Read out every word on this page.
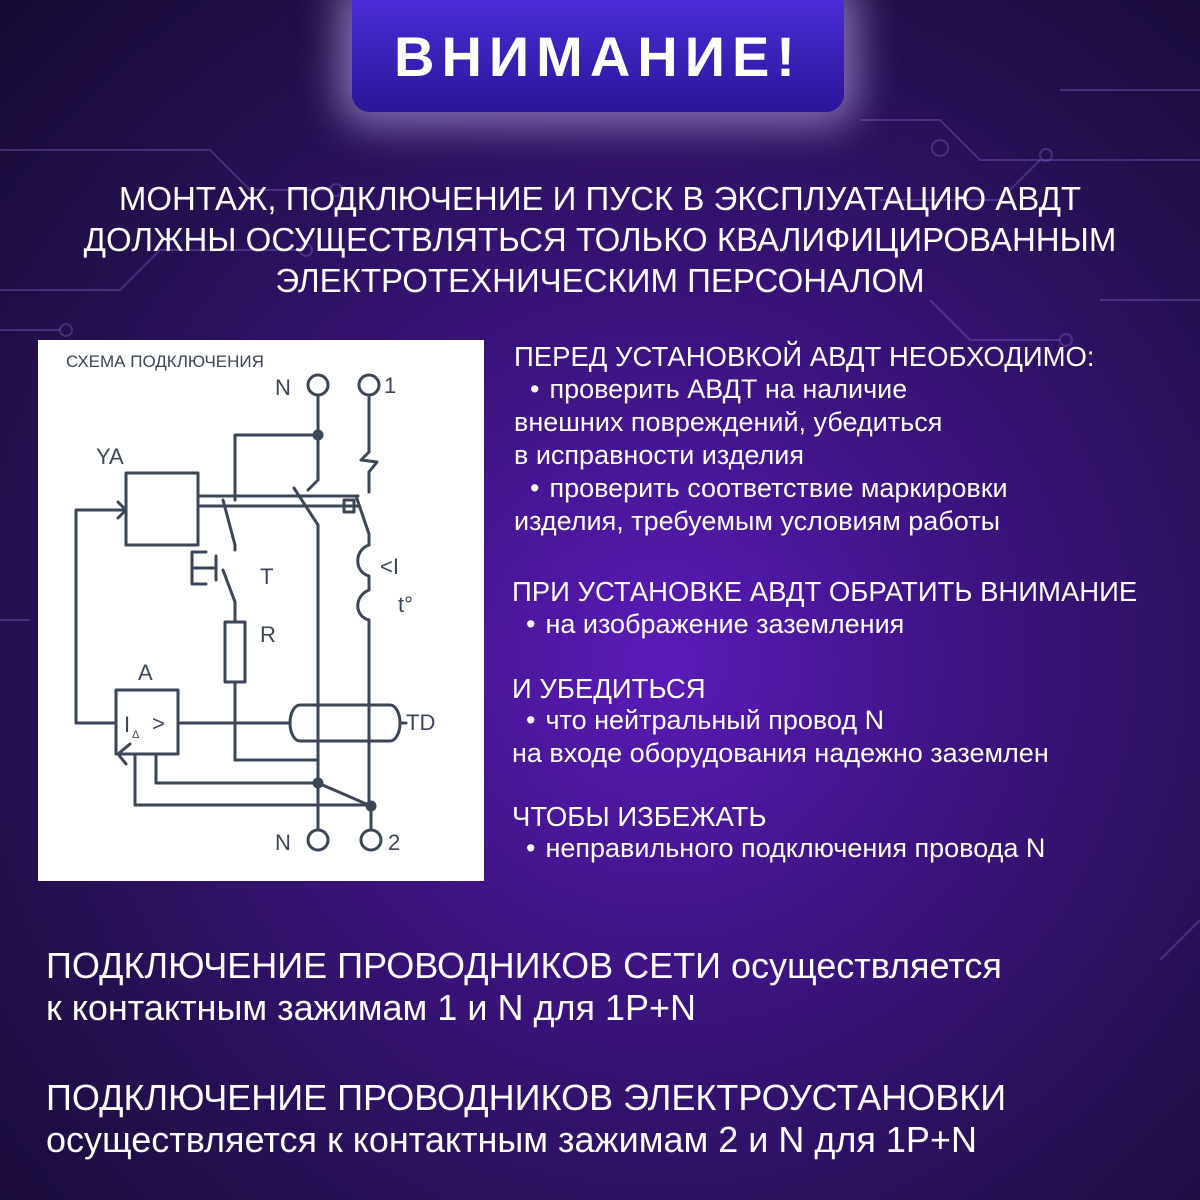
ВНИМАНИЕ!
МОНТАЖ, ПОДКЛЮЧЕНИЕ И ПУСК В ЭКСПЛУАТАЦИЮ АВДТ
ДОЛЖНЫ ОСУЩЕСТВЛЯТЬСЯ ТОЛЬКО КВАЛИФИЦИРОВАННЫМ
ЭЛЕКТРОТЕХНИЧЕСКИМ ПЕРСОНАЛОМ
СХЕМА ПОДКЛЮЧЕНИЯ
N	1
YA
T
R
<I
t°
A
I Δ >	TD
N	2
ПЕРЕД УСТАНОВКОЙ АВДТ НЕОБХОДИМО:
• проверить АВДТ на наличие
внешних повреждений, убедиться
в исправности изделия
• проверить соответствие маркировки
изделия, требуемым условиям работы
ПРИ УСТАНОВКЕ АВДТ ОБРАТИТЬ ВНИМАНИЕ
• на изображение заземления
И УБЕДИТЬСЯ
• что нейтральный провод N
на входе оборудования надежно заземлен
ЧТОБЫ ИЗБЕЖАТЬ
• неправильного подключения провода N
ПОДКЛЮЧЕНИЕ ПРОВОДНИКОВ СЕТИ осуществляется
к контактным зажимам 1 и N для 1P+N
ПОДКЛЮЧЕНИЕ ПРОВОДНИКОВ ЭЛЕКТРОУСТАНОВКИ
осуществляется к контактным зажимам 2 и N для 1P+N
